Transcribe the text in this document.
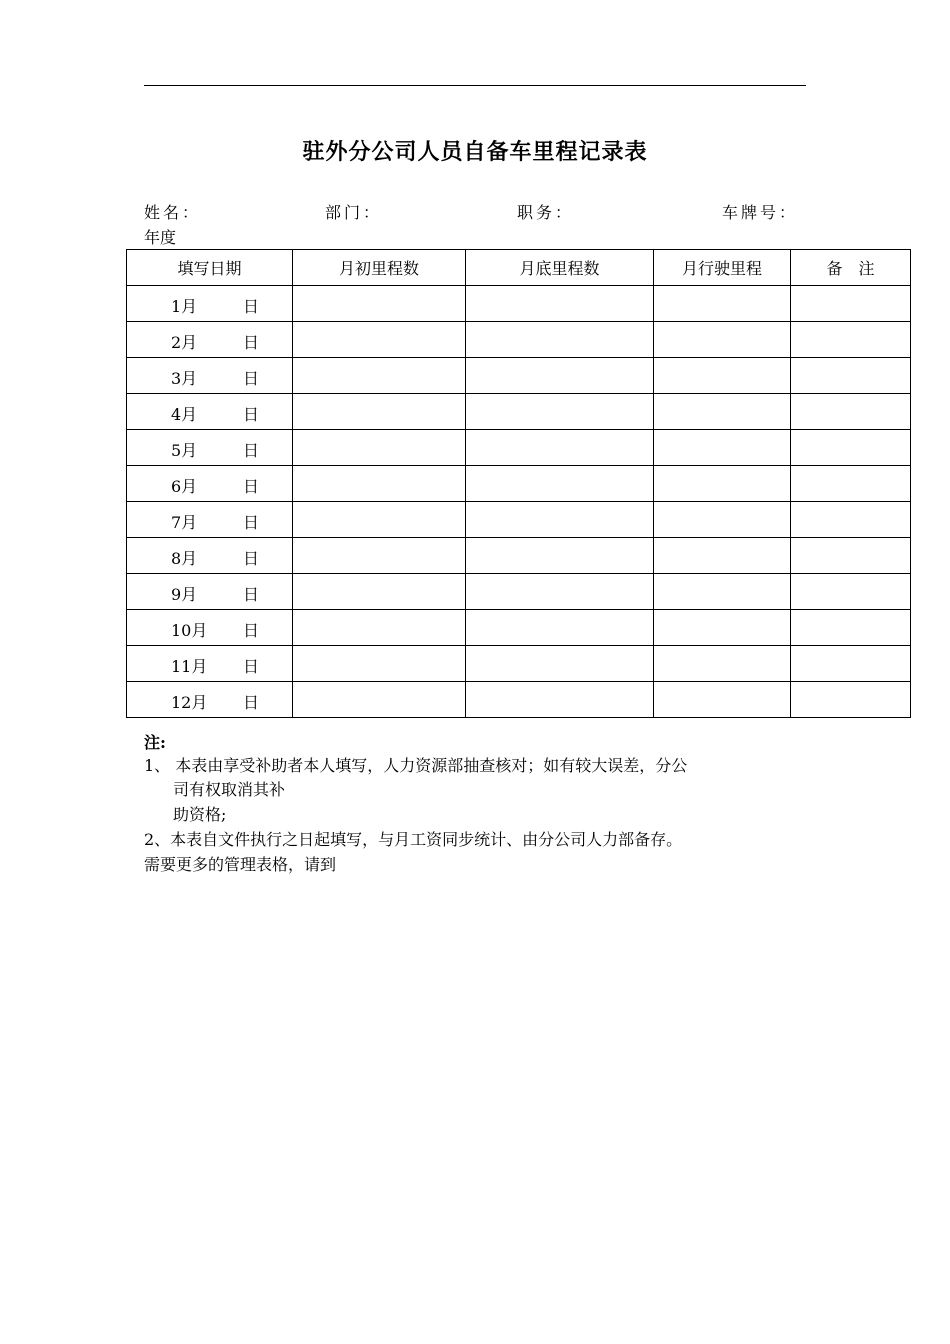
驻外分公司人员自备车里程记录表
姓名：	部门：	职务：	车牌号：
年度
填写日期	月初里程数	月底里程数	月行驶里程	备　注

1月 日				

2月 日				

3月 日				

4月 日				

5月 日				

6月 日				

7月 日				

8月 日				

9月 日				

10月 日				

11月 日				

12月 日				

注:
1、 本表由享受补助者本人填写，人力资源部抽查核对；如有较大误差，分公
司有权取消其补
助资格;
2、本表自文件执行之日起填写，与月工资同步统计、由分公司人力部备存。
需要更多的管理表格，请到
